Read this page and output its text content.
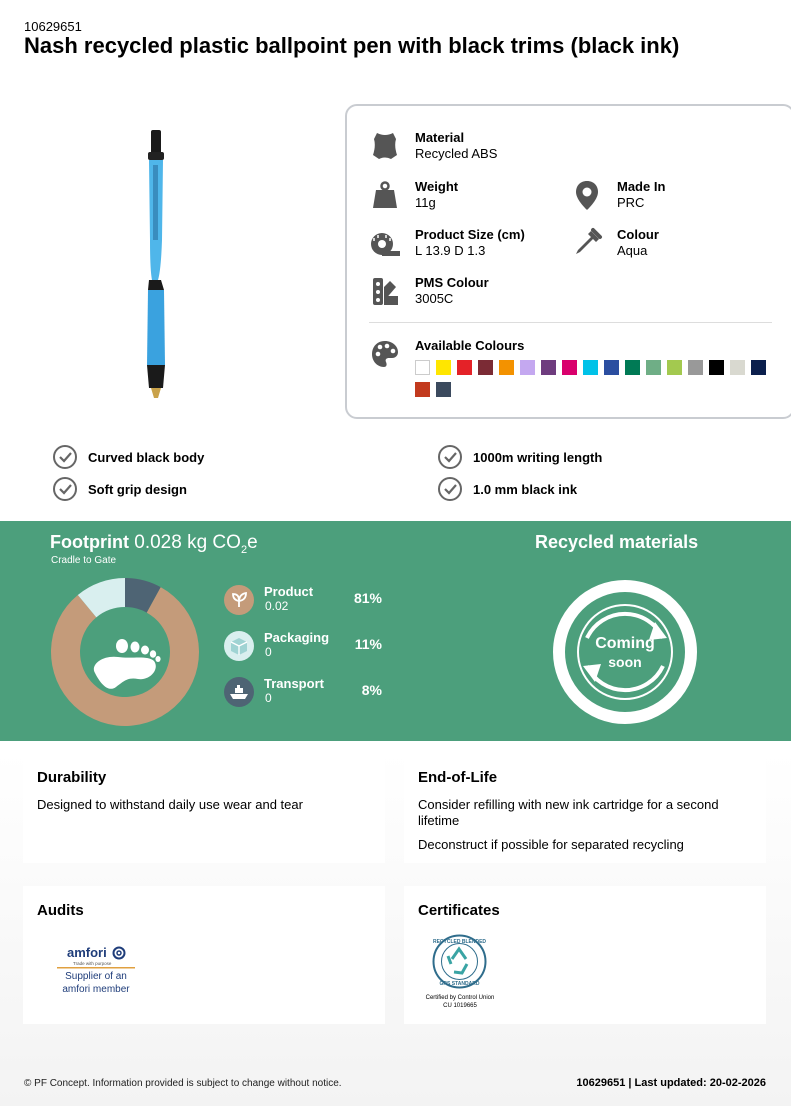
10629651
Nash recycled plastic ballpoint pen with black trims (black ink)
Material
Recycled ABS
Weight
11g
Made In
PRC
Product Size (cm)
L 13.9 D 1.3
Colour
Aqua
PMS Colour
3005C
Available Colours
Curved black body
Soft grip design
1000m writing length
1.0 mm black ink
Footprint 0.028 kg $CO_2e$
Cradle to Gate
Product
0.02	81%
Packaging
0	11%
Transport
0	8%
Recycled materials
Coming
soon
Durability

Designed to withstand daily use wear and tear

End-of-Life

Consider refilling with new ink cartridge for a second lifetime

Deconstruct if possible for separated recycling

Audits
amfori
Trade with purpose
Supplier of an
amfori member
Certificates
RECYCLED BLENDED
GRS STANDARD
Certified by Control Union
CU 1019665
© PF Concept. Information provided is subject to change without notice.	10629651 | Last updated: 20-02-2026
